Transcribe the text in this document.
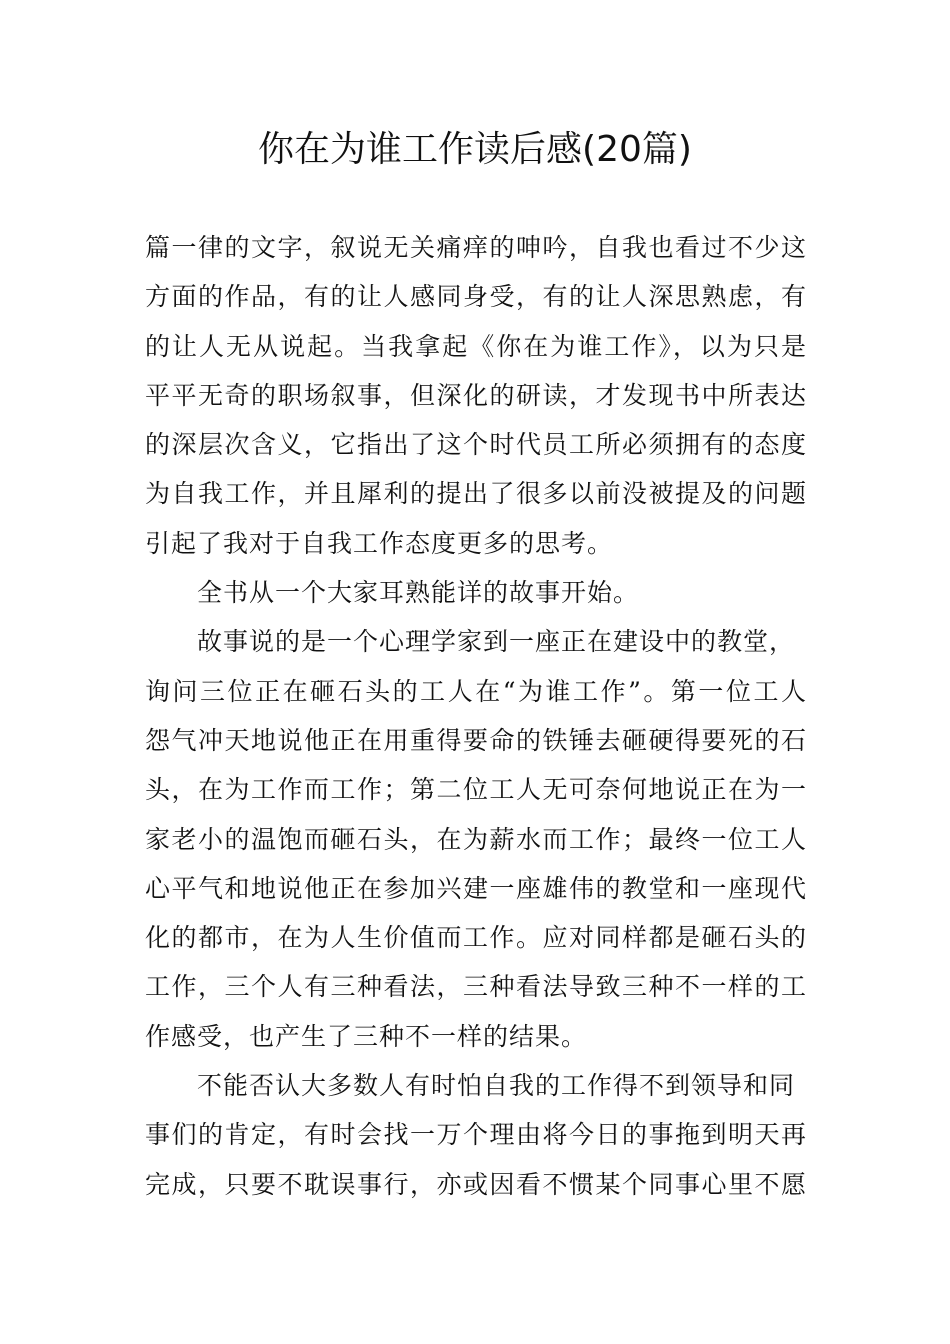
你在为谁工作读后感(20篇)
篇一律的文字，叙说无关痛痒的呻吟，自我也看过不少这
方面的作品，有的让人感同身受，有的让人深思熟虑，有
的让人无从说起。当我拿起《你在为谁工作》，以为只是
平平无奇的职场叙事，但深化的研读，才发现书中所表达
的深层次含义，它指出了这个时代员工所必须拥有的态度
为自我工作，并且犀利的提出了很多以前没被提及的问题
引起了我对于自我工作态度更多的思考。
全书从一个大家耳熟能详的故事开始。
故事说的是一个心理学家到一座正在建设中的教堂，
询问三位正在砸石头的工人在“为谁工作”。第一位工人
怨气冲天地说他正在用重得要命的铁锤去砸硬得要死的石
头，在为工作而工作；第二位工人无可奈何地说正在为一
家老小的温饱而砸石头，在为薪水而工作；最终一位工人
心平气和地说他正在参加兴建一座雄伟的教堂和一座现代
化的都市，在为人生价值而工作。应对同样都是砸石头的
工作，三个人有三种看法，三种看法导致三种不一样的工
作感受，也产生了三种不一样的结果。
不能否认大多数人有时怕自我的工作得不到领导和同
事们的肯定，有时会找一万个理由将今日的事拖到明天再
完成，只要不耽误事行，亦或因看不惯某个同事心里不愿
